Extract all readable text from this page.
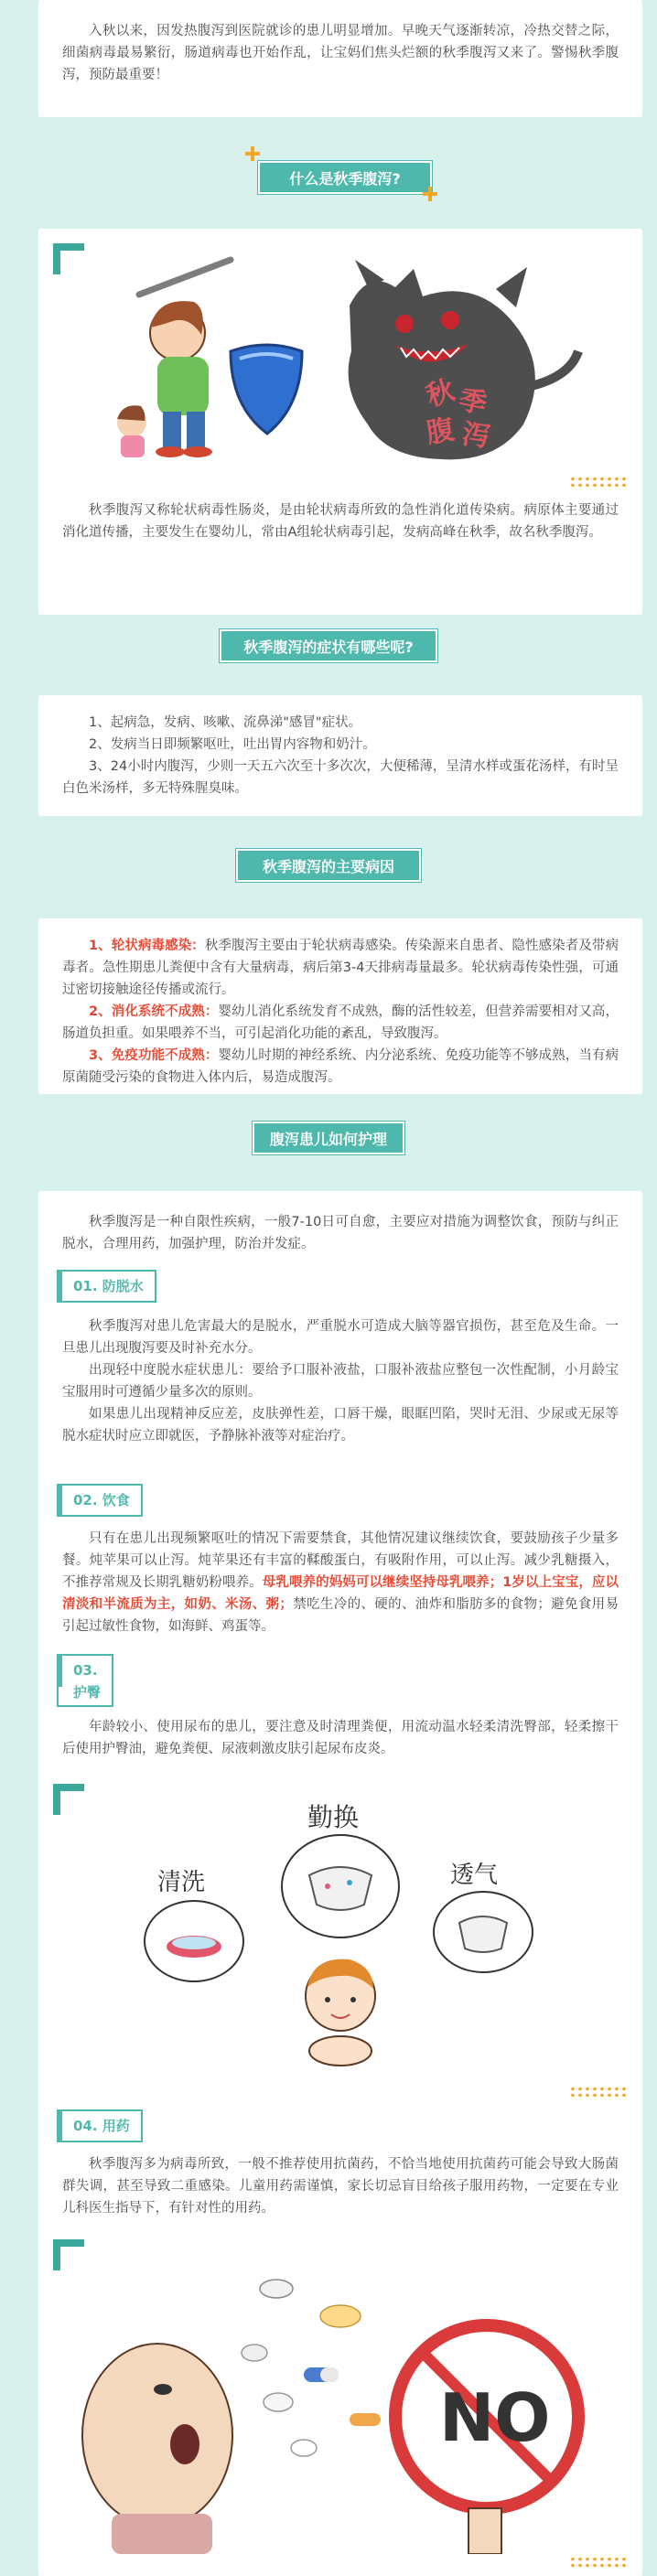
入秋以来，因发热腹泻到医院就诊的患儿明显增加。早晚天气逐渐转凉，冷热交替之际，细菌病毒最易繁衍，肠道病毒也开始作乱，让宝妈们焦头烂额的秋季腹泻又来了。警惕秋季腹泻，预防最重要！

什么是秋季腹泻?
秋
季
腹 泻

秋季腹泻又称轮状病毒性肠炎，是由轮状病毒所致的急性消化道传染病。病原体主要通过消化道传播，主要发生在婴幼儿，常由A组轮状病毒引起，发病高峰在秋季，故名秋季腹泻。

秋季腹泻的症状有哪些呢?

1、起病急，发病、咳嗽、流鼻涕"感冒"症状。

2、发病当日即频繁呕吐，吐出胃内容物和奶汁。

3、24小时内腹泻，少则一天五六次至十多次次，大便稀薄，呈清水样或蛋花汤样，有时呈白色米汤样，多无特殊腥臭味。

秋季腹泻的主要病因

1、轮状病毒感染：秋季腹泻主要由于轮状病毒感染。传染源来自患者、隐性感染者及带病毒者。急性期患儿粪便中含有大量病毒，病后第3-4天排病毒量最多。轮状病毒传染性强，可通过密切接触途径传播或流行。

2、消化系统不成熟：婴幼儿消化系统发育不成熟，酶的活性较差，但营养需要相对又高，肠道负担重。如果喂养不当，可引起消化功能的紊乱，导致腹泻。

3、免疫功能不成熟：婴幼儿时期的神经系统、内分泌系统、免疫功能等不够成熟，当有病原菌随受污染的食物进入体内后，易造成腹泻。

腹泻患儿如何护理

秋季腹泻是一种自限性疾病，一般7-10日可自愈，主要应对措施为调整饮食，预防与纠正脱水，合理用药，加强护理，防治并发症。

01. 防脱水

秋季腹泻对患儿危害最大的是脱水，严重脱水可造成大脑等器官损伤，甚至危及生命。一旦患儿出现腹泻要及时补充水分。

出现轻中度脱水症状患儿：要给予口服补液盐，口服补液盐应整包一次性配制，小月龄宝宝服用时可遵循少量多次的原则。

如果患儿出现精神反应差，皮肤弹性差，口唇干燥，眼眶凹陷，哭时无泪、少尿或无尿等脱水症状时应立即就医，予静脉补液等对症治疗。

02. 饮食

只有在患儿出现频繁呕吐的情况下需要禁食，其他情况建议继续饮食，要鼓励孩子少量多餐。炖苹果可以止泻。炖苹果还有丰富的鞣酸蛋白，有吸附作用，可以止泻。减少乳糖摄入，不推荐常规及长期乳糖奶粉喂养。母乳喂养的妈妈可以继续坚持母乳喂养；1岁以上宝宝，应以清淡和半流质为主，如奶、米汤、粥；禁吃生冷的、硬的、油炸和脂肪多的食物；避免食用易引起过敏性食物，如海鲜、鸡蛋等。

03.
护臀

年龄较小、使用尿布的患儿，要注意及时清理粪便，用流动温水轻柔清洗臀部，轻柔擦干后使用护臀油，避免粪便、尿液刺激皮肤引起尿布皮炎。

勤换
清洗	透气
04. 用药

秋季腹泻多为病毒所致，一般不推荐使用抗菌药，不恰当地使用抗菌药可能会导致大肠菌群失调，甚至导致二重感染。儿童用药需谨慎，家长切忌盲目给孩子服用药物，一定要在专业儿科医生指导下，有针对性的用药。

NO
